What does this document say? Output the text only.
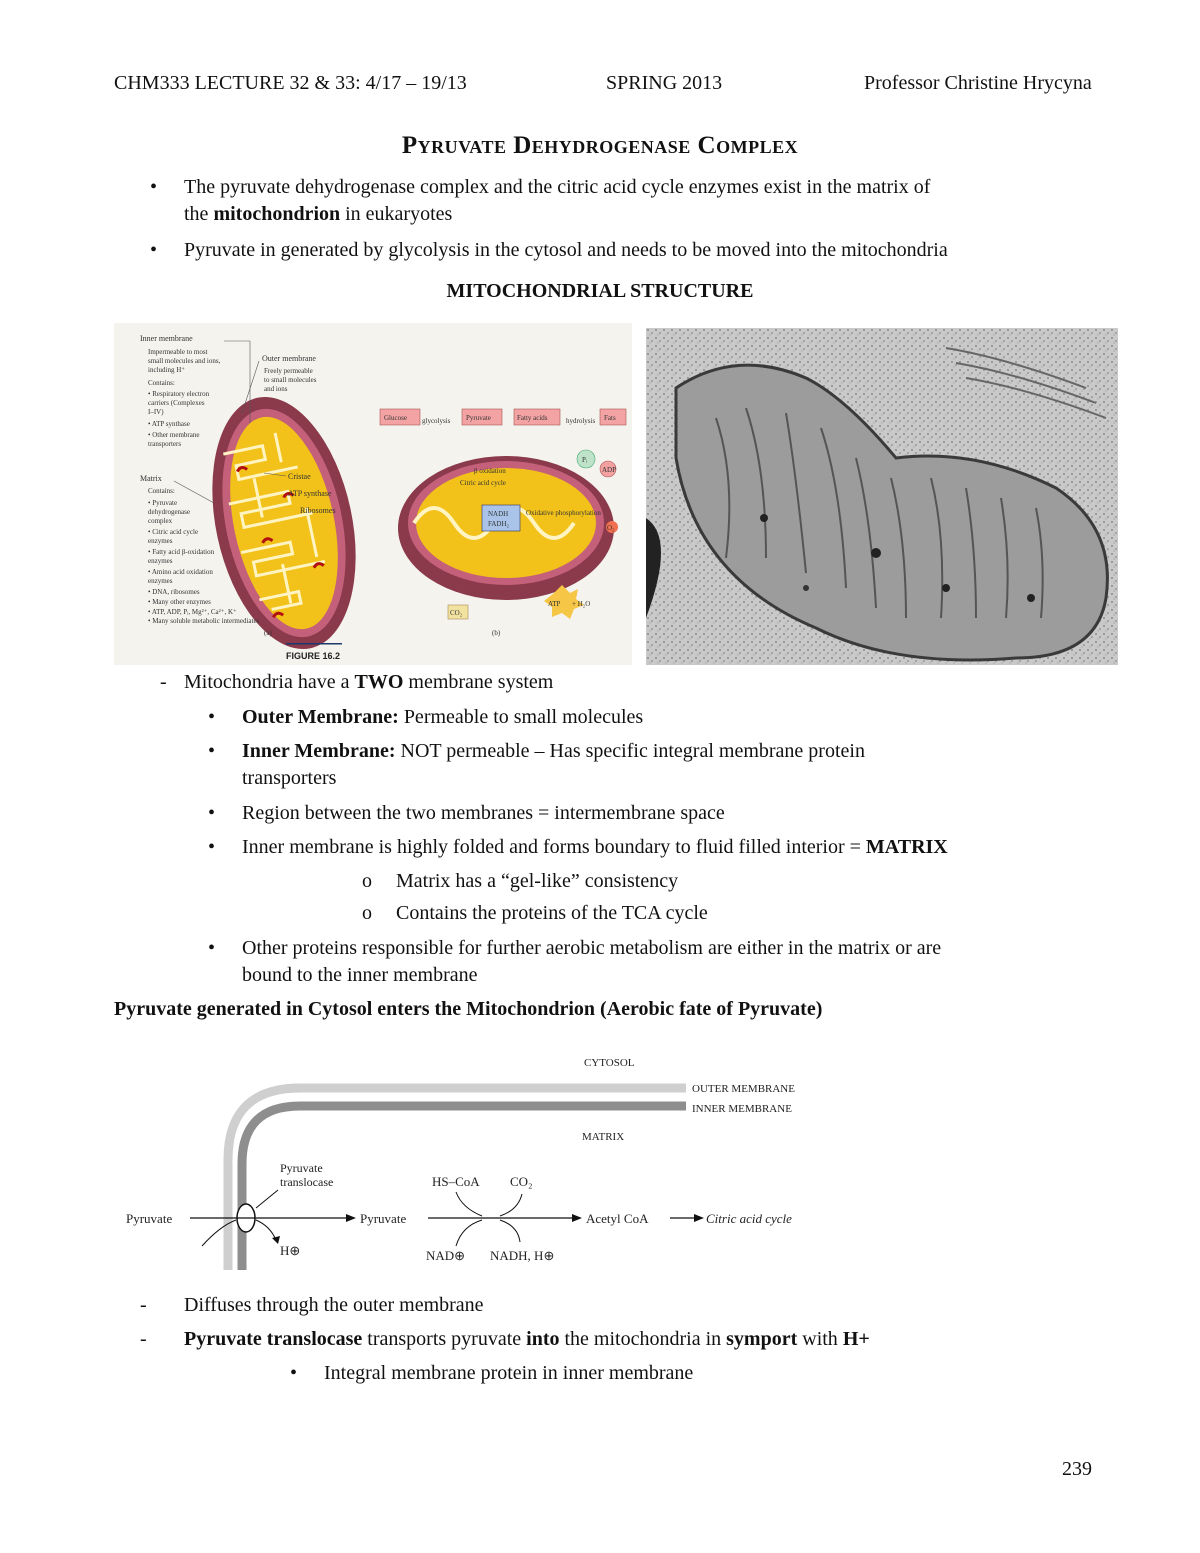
CHM333 LECTURE 32 & 33: 4/17 – 19/13	SPRING 2013	Professor Christine Hrycyna
Pyruvate Dehydrogenase Complex
• The pyruvate dehydrogenase complex and the citric acid cycle enzymes exist in the matrix of
the mitochondrion in eukaryotes
• Pyruvate in generated by glycolysis in the cytosol and needs to be moved into the mitochondria
MITOCHONDRIAL STRUCTURE
Inner membrane
Impermeable to most
small molecules and ions,
including H⁺
Contains:
• Respiratory electron
carriers (Complexes
I–IV)
• ATP synthase
• Other membrane
transporters
Outer membrane
Freely permeable
to small molecules
and ions
Matrix
Contains:
• Pyruvate
dehydrogenase
complex
• Citric acid cycle
enzymes
• Fatty acid β-oxidation
enzymes
• Amino acid oxidation
enzymes
• DNA, ribosomes
• Many other enzymes
• ATP, ADP, Pᵢ, Mg²⁺, Ca²⁺, K⁺
• Many soluble metabolic intermediates
Cristae
ATP synthase
Ribosomes
(a)
FIGURE 16.2
Glucose glycolysis Pyruvate	Fatty acids	hydrolysis Fats
β oxidation
Citric acid cycle
NADH
FADH₂
Oxidative phosphorylation
Pᵢ
ADP
O₂
CO₂
ATP + H₂O
(b)
- Mitochondria have a TWO membrane system
• Outer Membrane: Permeable to small molecules
• Inner Membrane: NOT permeable – Has specific integral membrane protein
transporters
• Region between the two membranes = intermembrane space
• Inner membrane is highly folded and forms boundary to fluid filled interior = MATRIX
o Matrix has a “gel-like” consistency
o Contains the proteins of the TCA cycle
• Other proteins responsible for further aerobic metabolism are either in the matrix or are
bound to the inner membrane
Pyruvate generated in Cytosol enters the Mitochondrion (Aerobic fate of Pyruvate)
CYTOSOL
OUTER MEMBRANE
INNER MEMBRANE
MATRIX
Pyruvate
translocase
Pyruvate
H⊕
Pyruvate
HS–CoA CO₂
NAD⊕ NADH, H⊕
Acetyl CoA	Citric acid cycle
- Diffuses through the outer membrane
- Pyruvate translocase transports pyruvate into the mitochondria in symport with H+
• Integral membrane protein in inner membrane
239
